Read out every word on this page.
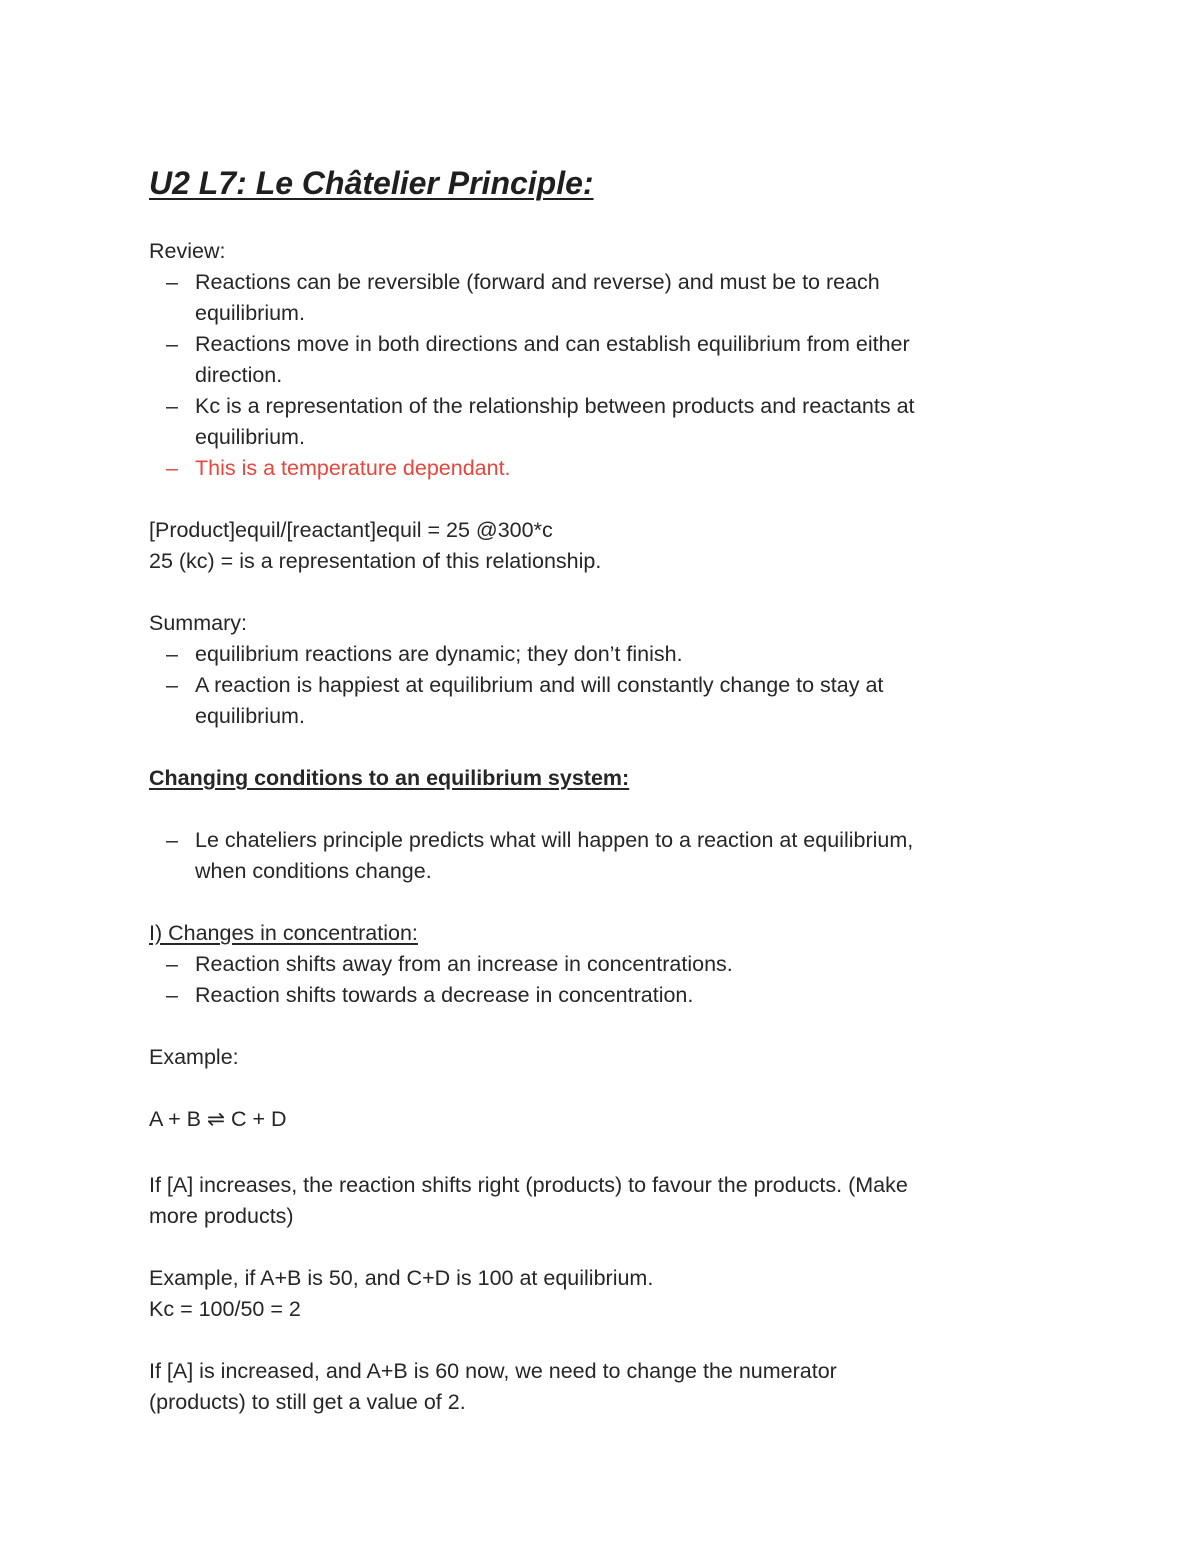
U2 L7: Le Châtelier Principle:

Review:

– Reactions can be reversible (forward and reverse) and must be to reach

equilibrium.

– Reactions move in both directions and can establish equilibrium from either

direction.

– Kc is a representation of the relationship between products and reactants at

equilibrium.

– This is a temperature dependant.

[Product]equil/[reactant]equil = 25 @300*c

25 (kc) = is a representation of this relationship.

Summary:

– equilibrium reactions are dynamic; they don’t finish.

– A reaction is happiest at equilibrium and will constantly change to stay at

equilibrium.

Changing conditions to an equilibrium system:

– Le chateliers principle predicts what will happen to a reaction at equilibrium,

when conditions change.

I) Changes in concentration:

– Reaction shifts away from an increase in concentrations.

– Reaction shifts towards a decrease in concentration.

Example:

A + B ⇌ C + D

If [A] increases, the reaction shifts right (products) to favour the products. (Make

more products)

Example, if A+B is 50, and C+D is 100 at equilibrium.

Kc = 100/50 = 2

If [A] is increased, and A+B is 60 now, we need to change the numerator

(products) to still get a value of 2.
